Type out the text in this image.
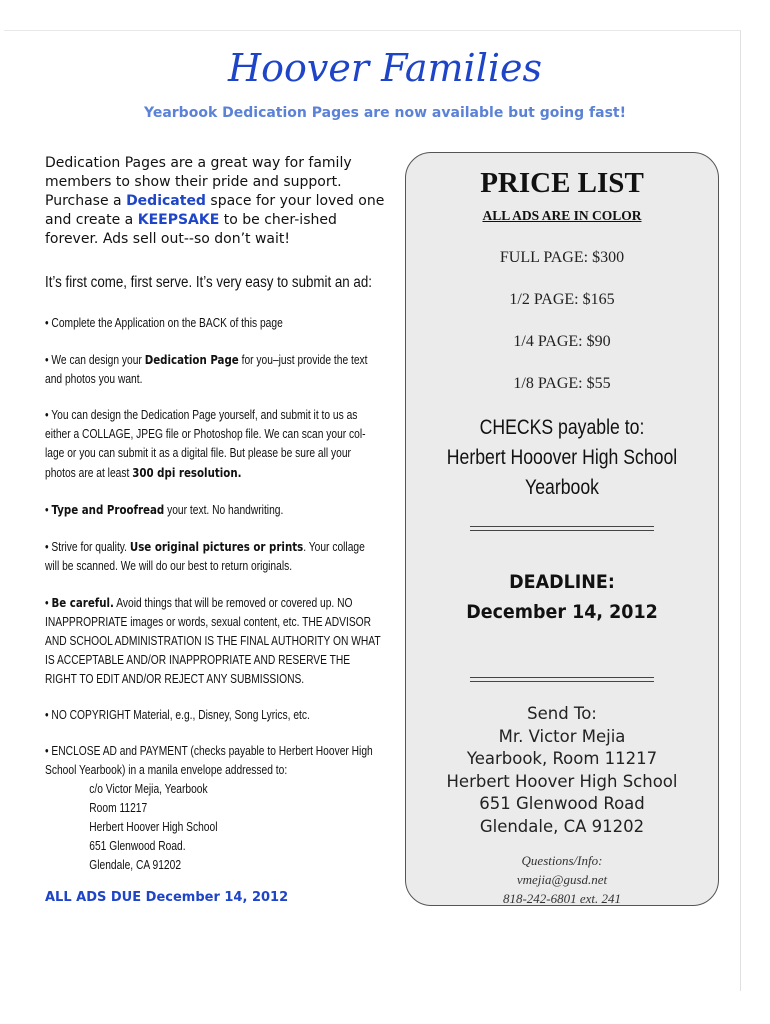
Hoover Families
Yearbook Dedication Pages are now available but going fast!
Dedication Pages are a great way for family members to show their pride and support. Purchase a Dedicated space for your loved one and create a KEEPSAKE to be cher-ished forever. Ads sell out--so don’t wait!
It’s first come, first serve. It’s very easy to submit an ad:
• Complete the Application on the BACK of this page
• We can design your Dedication Page for you–just provide the text and photos you want.
• You can design the Dedication Page yourself, and submit it to us as either a COLLAGE, JPEG file or Photoshop file. We can scan your col-lage or you can submit it as a digital file. But please be sure all your photos are at least 300 dpi resolution.
• Type and Proofread your text. No handwriting.
• Strive for quality. Use original pictures or prints. Your collage will be scanned. We will do our best to return originals.
• Be careful. Avoid things that will be removed or covered up. NO INAPPROPRIATE images or words, sexual content, etc. THE ADVISOR AND SCHOOL ADMINISTRATION IS THE FINAL AUTHORITY ON WHAT IS ACCEPTABLE AND/OR INAPPROPRIATE AND RESERVE THE RIGHT TO EDIT AND/OR REJECT ANY SUBMISSIONS.
• NO COPYRIGHT Material, e.g., Disney, Song Lyrics, etc.
• ENCLOSE AD and PAYMENT (checks payable to Herbert Hoover High School Yearbook) in a manila envelope addressed to:
c/o Victor Mejia, Yearbook
Room 11217
Herbert Hoover High School
651 Glenwood Road.
Glendale, CA 91202
ALL ADS DUE December 14, 2012
PRICE LIST
ALL ADS ARE IN COLOR
FULL PAGE: $300
1/2 PAGE: $165
1/4 PAGE: $90
1/8 PAGE: $55
CHECKS payable to:
Herbert Hooover High School Yearbook
DEADLINE:
December 14, 2012
Send To:
Mr. Victor Mejia
Yearbook, Room 11217
Herbert Hoover High School
651 Glenwood Road
Glendale, CA 91202
Questions/Info:
vmejia@gusd.net
818-242-6801 ext. 241
